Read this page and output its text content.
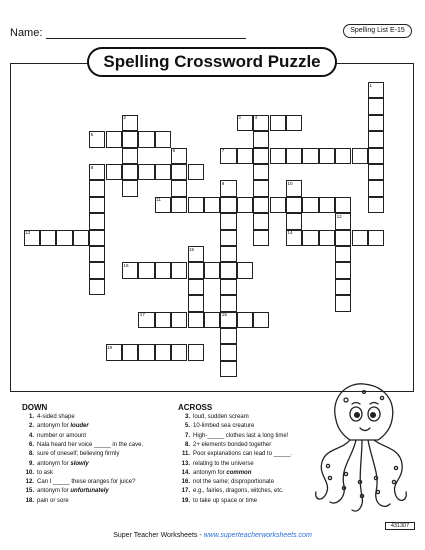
Name:	Spelling List E-15
Spelling Crossword Puzzle
1
2	3	4
5
6	7
8
9	10
11
12
13	14
15
16
17	18
19
DOWN
1. 4-sided shape
2. antonym for louder
4. number or amount
6. Nala heard her voice _____ in the cave.
8. sure of oneself; believing firmly
9. antonym for slowly
10. to ask
12. Can I _____ these oranges for juice?
15. antonym for unfortunately
18. pain or sore
ACROSS
3. loud, sudden scream
5. 10-limbed sea creature
7. High-_____ clothes last a long time!
8. 2+ elements bonded together
11. Poor explanations can lead to _____.
13. relating to the universe
14. antonym for common
16. not the same; disproportionate
17. e.g., fairies, dragons, witches, etc.
19. to take up space or time
Super Teacher Worksheets - www.superteacherworksheets.com
431307
